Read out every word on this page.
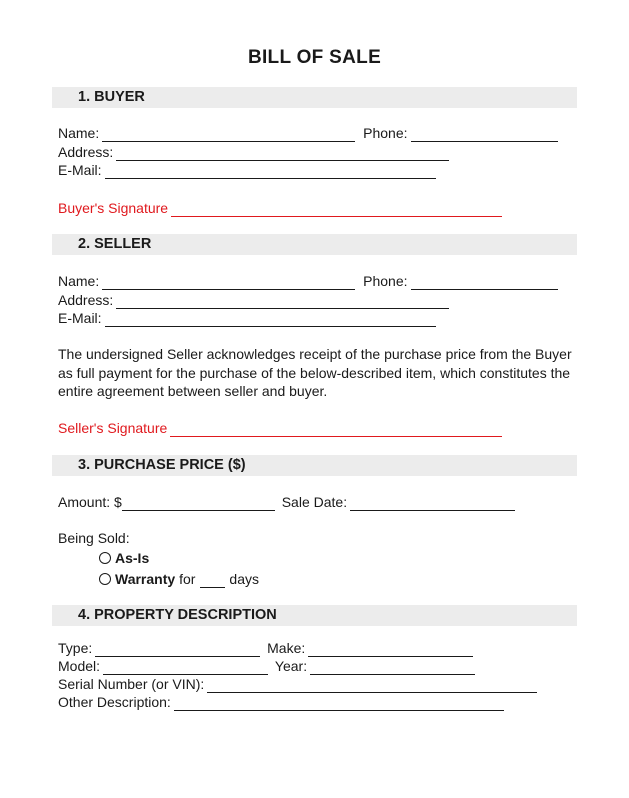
BILL OF SALE
1. BUYER
Name:	Phone:
Address:
E-Mail:
Buyer's Signature
2. SELLER
Name:	Phone:
Address:
E-Mail:
The undersigned Seller acknowledges receipt of the purchase price from the Buyer as full payment for the purchase of the below-described item, which constitutes the entire agreement between seller and buyer.
Seller's Signature
3. PURCHASE PRICE ($)
Amount: $	Sale Date:
Being Sold:
As-Is
Warranty for days
4. PROPERTY DESCRIPTION
Type:	Make:
Model:	Year:
Serial Number (or VIN):
Other Description:
